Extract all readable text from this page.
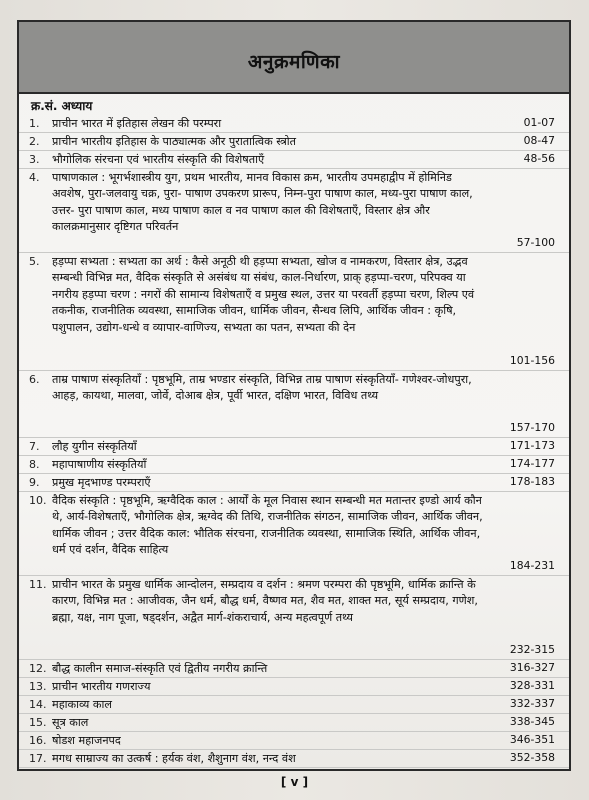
अनुक्रमणिका
क्र.सं. अध्याय
1. प्राचीन भारत में इतिहास लेखन की परम्परा	01-07
2. प्राचीन भारतीय इतिहास के पाठ्यात्मक और पुरातात्विक स्त्रोत	08-47
3. भौगोलिक संरचना एवं भारतीय संस्कृति की विशेषताएँ	48-56
4. पाषाणकाल : भूगर्भशास्त्रीय युग, प्रथम भारतीय, मानव विकास क्रम, भारतीय उपमहाद्वीप में होमिनिड अवशेष, पुरा-जलवायु चक्र, पुरा- पाषाण उपकरण प्रारूप, निम्न-पुरा पाषाण काल, मध्य-पुरा पाषाण काल, उत्तर- पुरा पाषाण काल, मध्य पाषाण काल व नव पाषाण काल की विशेषताएँ, विस्तार क्षेत्र और कालक्रमानुसार दृष्टिगत परिवर्तन
57-100
5. हड़प्पा सभ्यता : सभ्यता का अर्थ : कैसे अनूठी थी हड़प्पा सभ्यता, खोज व नामकरण, विस्तार क्षेत्र, उद्भव सम्बन्धी विभिन्न मत, वैदिक संस्कृति से असंबंध या संबंध, काल-निर्धारण, प्राक् हड़प्पा-चरण, परिपक्व या नगरीय हड़प्पा चरण : नगरों की सामान्य विशेषताएँ व प्रमुख स्थल, उत्तर या परवर्ती हड़प्पा चरण, शिल्प एवं तकनीक, राजनीतिक व्यवस्था, सामाजिक जीवन, धार्मिक जीवन, सैन्धव लिपि, आर्थिक जीवन : कृषि, पशुपालन, उद्योग-धन्धे व व्यापार-वाणिज्य, सभ्यता का पतन, सभ्यता की देन
101-156
6. ताम्र पाषाण संस्कृतियाँ : पृष्ठभूमि, ताम्र भण्डार संस्कृति, विभिन्न ताम्र पाषाण संस्कृतियाँ- गणेश्वर-जोधपुरा, आहड़, कायथा, मालवा, जोर्वे, दोआब क्षेत्र, पूर्वी भारत, दक्षिण भारत, विविध तथ्य
157-170
7. लौह युगीन संस्कृतियाँ	171-173
8. महापाषाणीय संस्कृतियाँ	174-177
9. प्रमुख मृदभाण्ड परम्पराएँ	178-183
10. वैदिक संस्कृति : पृष्ठभूमि, ऋग्वैदिक काल : आर्यों के मूल निवास स्थान सम्बन्धी मत मतान्तर इण्डो आर्य कौन थे, आर्य-विशेषताएँ, भौगोलिक क्षेत्र, ऋग्वेद की तिथि, राजनीतिक संगठन, सामाजिक जीवन, आर्थिक जीवन, धार्मिक जीवन ; उत्तर वैदिक काल: भौतिक संरचना, राजनीतिक व्यवस्था, सामाजिक स्थिति, आर्थिक जीवन, धर्म एवं दर्शन, वैदिक साहित्य
184-231
11. प्राचीन भारत के प्रमुख धार्मिक आन्दोलन, सम्प्रदाय व दर्शन : श्रमण परम्परा की पृष्ठभूमि, धार्मिक क्रान्ति के कारण, विभिन्न मत : आजीवक, जैन धर्म, बौद्ध धर्म, वैष्णव मत, शैव मत, शाक्त मत, सूर्य सम्प्रदाय, गणेश, ब्रह्मा, यक्ष, नाग पूजा, षड्दर्शन, अद्वैत मार्ग-शंकराचार्य, अन्य महत्वपूर्ण तथ्य
232-315
12. बौद्ध कालीन समाज-संस्कृति एवं द्वितीय नगरीय क्रान्ति	316-327
13. प्राचीन भारतीय गणराज्य	328-331
14. महाकाव्य काल	332-337
15. सूत्र काल	338-345
16. षोडश महाजनपद	346-351
17. मगध साम्राज्य का उत्कर्ष : हर्यक वंश, शैशुनाग वंश, नन्द वंश	352-358
[ v ]
